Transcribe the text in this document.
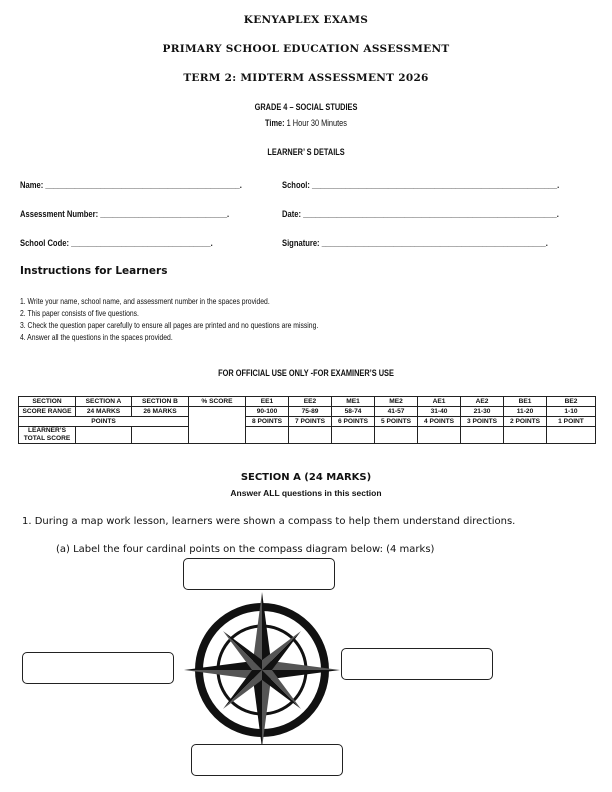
KENYAPLEX EXAMS
PRIMARY SCHOOL EDUCATION ASSESSMENT
TERM 2: MIDTERM ASSESSMENT 2026
GRADE 4 – SOCIAL STUDIES
Time: 1 Hour 30 Minutes
LEARNER’ S DETAILS
Name: ______________________________________________.	School: __________________________________________________________.
Assessment Number: ______________________________.	Date: ____________________________________________________________.
School Code: _________________________________.	Signature: _____________________________________________________.
Instructions for Learners
1. Write your name, school name, and assessment number in the spaces provided.
2. This paper consists of five questions.
3. Check the question paper carefully to ensure all pages are printed and no questions are missing.
4. Answer all the questions in the spaces provided.
FOR OFFICIAL USE ONLY -FOR EXAMINER’S USE
SECTION	SECTION A	SECTION B	% SCORE	EE1	EE2	ME1	ME2	AE1	AE2	BE1	BE2
SCORE RANGE	24 MARKS	26 MARKS		90-100	75-89	58-74	41-57	31-40	21-30	11-20	1-10
POINTS				8 POINTS	7 POINTS	6 POINTS	5 POINTS	4 POINTS	3 POINTS	2 POINTS	1 POINT

LEARNER’S
TOTAL SCORE											

SECTION A (24 MARKS)
Answer ALL questions in this section
1. During a map work lesson, learners were shown a compass to help them understand directions.
(a) Label the four cardinal points on the compass diagram below: (4 marks)
